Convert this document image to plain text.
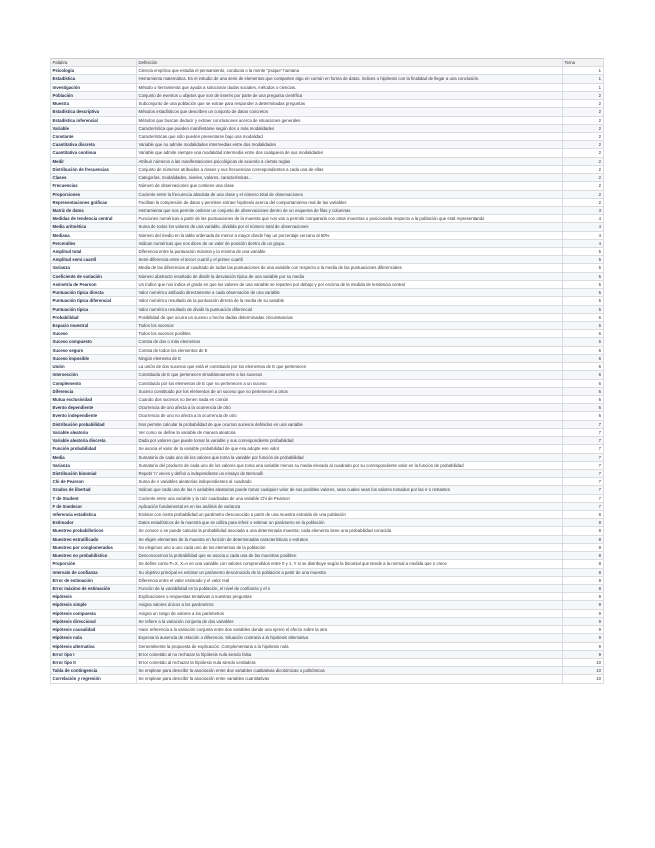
Palabra	Definición	Tema
Psicología	Ciencia empírica que estudia el pensamiento, conducta o la mente "psique" humana	1
Estadística	Herramienta matemática. Es el estudio de una serie de elementos que comparten algo en común en forma de datos, índices o hipótesis con la finalidad de llegar a una conclusión.	1
Investigación	Método o herramienta que ayuda a solucionar dudas sociales, métodos o ciencias.	1
Población	Conjunto de eventos u objetos que son de interés por parte de una pregunta científica	2
Muestra	Subconjunto de una población que se extrae para responder a determinadas preguntas	2
Estadística descriptiva	Métodos estadísticos que describen un conjunto de datos concretos	2
Estadística inferencial	Métodos que buscan deducir y extraer conclusiones acerca de situaciones generales	2
Variable	Característica que pueden manifestarse según dos o más modalidades	2
Constante	Características que sólo pueden presentarse bajo una modalidad	2
Cuantitativa discreta	Variable que no admite modalidades intermedias entre dos modalidades	2
Cuantitativa continua	Variable que admite siempre una modalidad intermedia entre dos cualquiera de sus modalidades	2
Medir	Atribuir números a las manifestaciones psicológicas de acuerdo a ciertas reglas	2
Distribución de frecuencias	Conjunto de números atribuidos a clases y sus frecuencias correspondientes a cada una de ellas	2
Clases	Categorías, modalidades, niveles, valores, características…	2
Frecuencias	Número de observaciones que contiene una clase	2
Proporciones	Cociente entre la frecuencia absoluta de una clase y el número total de observaciones	2
Representaciones gráficas	Facilitan la compresión de datos y permiten extraer hipótesis acerca del comportamiento real de las variables	2
Matriz de datos	Herramienta que nos permite ordenar un conjunto de observaciones dentro de un esquema de filas y columnas	3
Medidas de tendencia central	Funciones numéricas a partir de las puntuaciones de la muestra que nos van a permitir compararla con otras muestras o posicionarla respecto a la población que está representando	4
Media aritmética	Suma de todos los valores de una variable, dividida por el número total de observaciones	4
Mediana	Número del medio en la tabla ordenada de menor a mayor donde hay un porcentaje cercano al 50%	4
Percentiles	Indican numéricas que nos dicen de un valor de posición dentro de un grupo.	4
Amplitud total	Diferencia entre la puntuación máxima y la mínima de una variable	5
Amplitud semi cuartil	Semi-diferencia entre el tercer cuartil y el primer cuartil	5
Varianza	Media de las diferencias al cuadrado de todas las puntuaciones de una variable con respecto a la media de las puntuaciones diferenciales	5
Coeficiente de variación	Número abstracto resultado de dividir la desviación típica de una variable por su media	5
Asimetría de Pearson	Un índice que nos indica el grado en que los valores de una variable se reparten por debajo y por encima de la medida de tendencia central	5
Puntuación típica directa	Valor numérico atribuido directamente a cada observación de una variable	5
Puntuación típica diferencial	Valor numérico resultado de la puntuación directa de la media de su variable	5
Puntuación típica	Valor numérico resultado de dividir la puntuación diferencial	5
Probabilidad	Posibilidad de que ocurra un suceso o hecho dadas determinadas circunstancias	6
Espacio muestral	Todos los sucesos	6
Suceso	Todos los sucesos posibles	6
Suceso compuesto	Consta de dos o más elementos	6
Suceso seguro	Consta de todos los elementos de E	6
Suceso imposible	Ningún elemento de E	6
Unión	La unión de dos sucesos que está el constituido por los elementos de E que pertenecen	6
Intersección	Constituida de E que pertenecen simultáneamente a los sucesos	6
Complemento	Constituido por los elementos de E que no pertenecen a un suceso	6
Diferencia	Suceso constituido por los elementos de un suceso que no pertenecen a otros	6
Mutua exclusividad	Cuando dos sucesos no tienen nada en común	6
Evento dependiente	Ocurrencia de uno afecta a la ocurrencia de otro	6
Evento independiente	Ocurrencia de uno no afecta a la ocurrencia de otro	6
Distribución probabilidad	Nos permite calcular la probabilidad de que ocurran sucesos definidos en una variable	7
Variable aleatoria	Ver como se define la variable de manera aleatoria	7
Variable aleatoria discreta	Dada por valores que puede tomar la variable y sus correspondiente probabilidad	7
Función probabilidad	Se asocia el valor de la variable probabilidad de que esa adopte ese valor	7
Media	Sumatorio de cada uno de los valores que toma la variable por función de probabilidad	7
Varianza	Sumatorio del producto de cada uno de los valores que toma una variable menos su media elevado al cuadrado por su correspondiente valor en la función de probabilidad	7
Distribución binomial	Repetir 'n' veces y definir a independiente un ensayo de Bernoulli	7
Chi de Pearson	Suma de n variables aleatorias independientes al cuadrado	7
Grados de libertad	Indican que cada una de las n variables aleatorias puede tomar cualquier valor de sus posibles valores, sean cuales sean los valores tomados por las n-1 restantes	7
T de Student	Cociente entre una variable y la raíz cuadradas de una variable Chi de Pearson	7
F de Snedecor	Aplicación fundamental es en los análisis de varianza	7
Inferencia estadística	Estimar con cierta probabilidad un parámetro desconocido a partir de una muestra extraída de una población	8
Estimador	Datos estadísticos de la muestra que se utiliza para inferir o estimar un parámetro en la población	8
Muestreo probabilísticos	Se conoce o se puede calcular la probabilidad asociada a una determinada muestra; cada elemento tiene una probabilidad conocida	8
Muestreo estratificado	Se eligen elementos de la muestra en función de determinadas características o estratos	8
Muestreo por conglomerados	No elegimos uno a uno cada uno de los elementos de la población	8
Muestreo no probabilístico	Desconocemos la probabilidad que se asocia a cada una de las muestras posibles.	8
Proporción	Se define como P=X, X=n en una variable con valores comprendidos entre 0 y 1. Y si se distribuye según la binomial que tiende a la normal a medida que n crece	8
Intervalo de confianza	Su objetivo principal es estimar un parámetro desconocido de la población a partir de una muestra	8
Error de estimación	Diferencia entre el valor estimado y el valor real	8
Error máximo de estimación	Función de la variabilidad en la población, el nivel de confianza y el n	8
Hipótesis	Explicaciones o respuestas tentativas a nuestras preguntas	9
Hipótesis simple	Asigna valores únicos a los parámetros	9
Hipótesis compuesta	Asigna un rango de valores a los parámetros	9
Hipótesis direccional	Se refiere a la variación conjunta de dos variables	9
Hipótesis causalidad	Hace referencia a la variación conjunta entre dos variables donde una ejerce el efecto sobre la otra	9
Hipótesis nula	Expresa la ausencia de relación o diferencia. Situación contraria a la hipótesis alternativa	9
Hipótesis alternativa	Generalmente la propuesta de explicación. Complementaria a la hipótesis nula	9
Error tipo I	Error cometido al no rechazar la hipótesis nula siendo falsa	9
Error tipo II	Error cometido al rechazar la hipótesis nula siendo verdadera	10
Tabla de contingencia	Se emplean para describir la asociación entre dos variables cualitativas dicotómicas o politómicas	10
Correlación y regresión	Se emplean para describir la asociación entre variables cuantitativas	10
